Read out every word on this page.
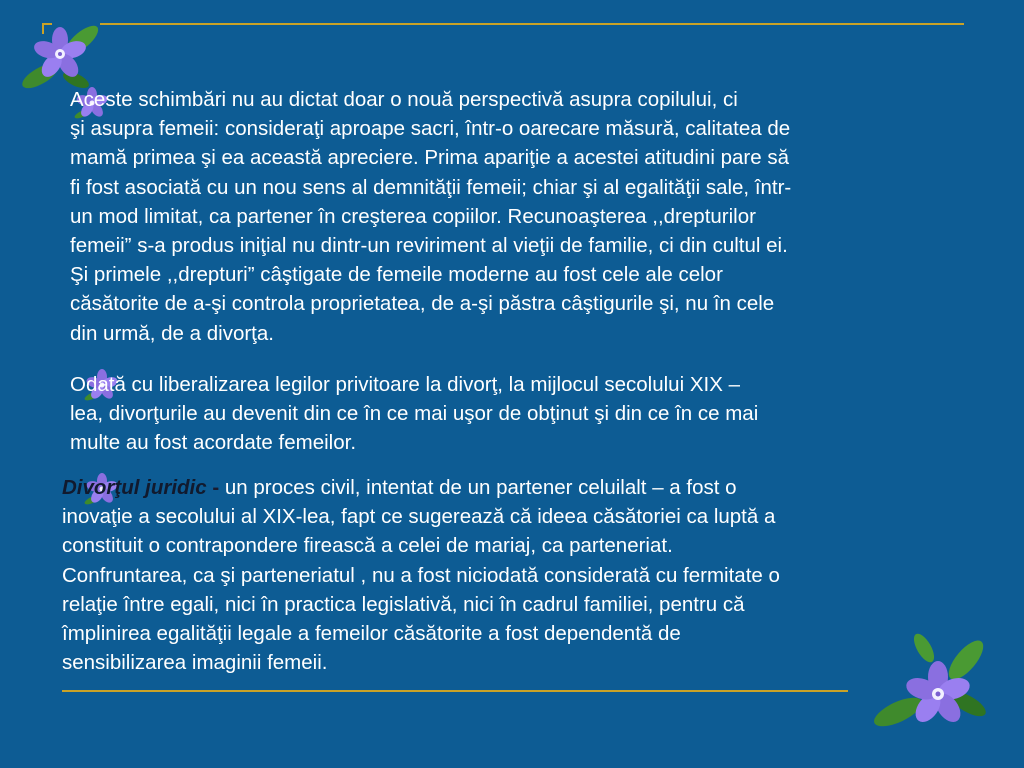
Aceste schimbări nu au dictat doar o nouă perspectivă asupra copilului, ci
şi asupra femeii: consideraţi aproape sacri, într-o oarecare măsură, calitatea de
mamă primea şi ea această apreciere. Prima apariţie a acestei atitudini pare să
fi fost asociată cu un nou sens al demnităţii femeii; chiar şi al egalităţii sale, într-
un mod limitat, ca partener în creşterea copiilor. Recunoaşterea ,,drepturilor
femeii” s-a produs iniţial nu dintr-un reviriment al vieţii de familie, ci din cultul ei.
Şi primele ,,drepturi” câştigate de femeile moderne au fost cele ale celor
căsătorite de a-şi controla proprietatea, de a-şi păstra câştigurile şi, nu în cele
din urmă, de a divorţa.

Odată cu liberalizarea legilor privitoare la divorţ, la mijlocul secolului XIX –
lea, divorţurile au devenit din ce în ce mai uşor de obţinut şi din ce în ce mai
multe au fost acordate femeilor.

Divorţul juridic - un proces civil, intentat de un partener celuilalt – a fost o
inovaţie a secolului al XIX-lea, fapt ce sugerează că ideea căsătoriei ca luptă a
constituit o contrapondere firească a celei de mariaj, ca parteneriat.
Confruntarea, ca şi parteneriatul , nu a fost niciodată considerată cu fermitate o
relaţie între egali, nici în practica legislativă, nici în cadrul familiei, pentru că
împlinirea egalităţii legale a femeilor căsătorite a fost dependentă de
sensibilizarea imaginii femeii.
